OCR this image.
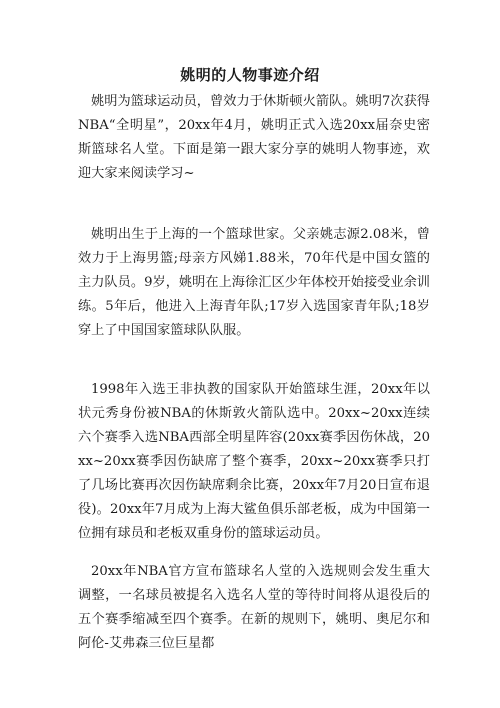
姚明的人物事迹介绍

姚明为篮球运动员，曾效力于休斯顿火箭队。姚明7次获得NBA“全明星”，20xx年4月，姚明正式入选20xx届奈史密斯篮球名人堂。下面是第一跟大家分享的姚明人物事迹，欢迎大家来阅读学习~

姚明出生于上海的一个篮球世家。父亲姚志源2.08米，曾效力于上海男篮;母亲方风娣1.88米，70年代是中国女篮的主力队员。9岁，姚明在上海徐汇区少年体校开始接受业余训练。5年后，他进入上海青年队;17岁入选国家青年队;18岁穿上了中国国家篮球队队服。

1998年入选王非执教的国家队开始篮球生涯，20xx年以状元秀身份被NBA的休斯敦火箭队选中。20xx~20xx连续六个赛季入选NBA西部全明星阵容(20xx赛季因伤休战，20xx~20xx赛季因伤缺席了整个赛季，20xx~20xx赛季只打了几场比赛再次因伤缺席剩余比赛，20xx年7月20日宣布退役)。20xx年7月成为上海大鲨鱼俱乐部老板，成为中国第一位拥有球员和老板双重身份的篮球运动员。

20xx年NBA官方宣布篮球名人堂的入选规则会发生重大调整，一名球员被提名入选名人堂的等待时间将从退役后的五个赛季缩减至四个赛季。在新的规则下，姚明、奥尼尔和阿伦-艾弗森三位巨星都
